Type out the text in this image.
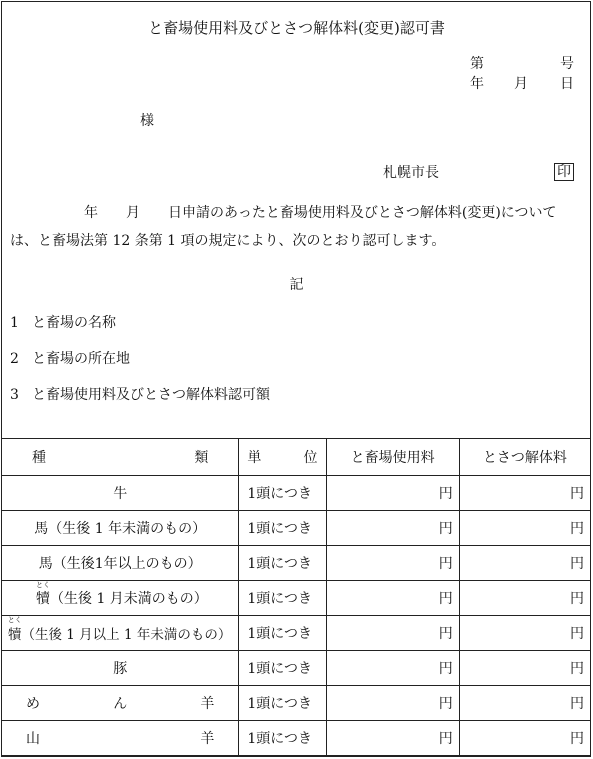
と畜場使用料及びとさつ解体料(変更)認可書
第	号
年 月 日
様
札幌市長	印
年　　月　　日申請のあったと畜場使用料及びとさつ解体料(変更)について
は、と畜場法第 12 条第 1 項の規定により、次のとおり認可します。
記
1 と畜場の名称
2 と畜場の所在地
3 と畜場使用料及びとさつ解体料認可額
種 類	単 位	と畜場使用料	とさつ解体料
牛	1頭につき	円	円
馬（生後 1 年未満のもの）	1頭につき	円	円
馬（生後1年以上のもの）	1頭につき	円	円

とく
犢（生後 1 月未満のもの）	1頭につき	円	円

とく
犢（生後 1 月以上 1 年未満のもの）	1頭につき	円	円
豚	1頭につき	円	円

め ん 羊	1頭につき	円	円

山 羊	1頭につき	円	円
